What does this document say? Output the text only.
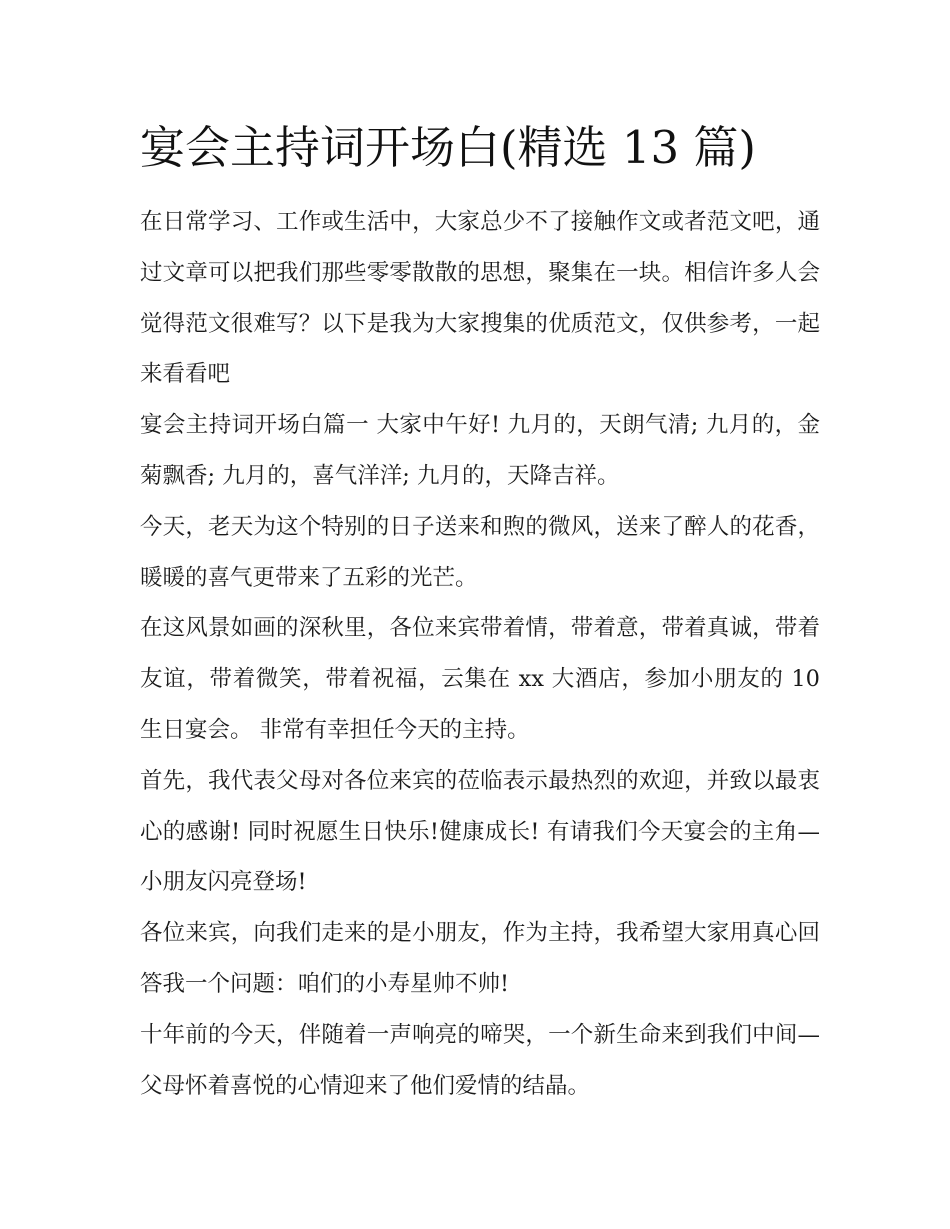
宴会主持词开场白(精选 13 篇)

在日常学习、工作或生活中，大家总少不了接触作文或者范文吧，通过文章可以把我们那些零零散散的思想，聚集在一块。相信许多人会觉得范文很难写？以下是我为大家搜集的优质范文，仅供参考，一起来看看吧

宴会主持词开场白篇一 大家中午好! 九月的，天朗气清; 九月的，金菊飘香; 九月的，喜气洋洋; 九月的，天降吉祥。

今天，老天为这个特别的日子送来和煦的微风，送来了醉人的花香，暖暖的喜气更带来了五彩的光芒。

在这风景如画的深秋里，各位来宾带着情，带着意，带着真诚，带着友谊，带着微笑，带着祝福，云集在 xx 大酒店，参加小朋友的 10 生日宴会。 非常有幸担任今天的主持。

首先，我代表父母对各位来宾的莅临表示最热烈的欢迎，并致以最衷心的感谢! 同时祝愿生日快乐!健康成长! 有请我们今天宴会的主角—小朋友闪亮登场!

各位来宾，向我们走来的是小朋友，作为主持，我希望大家用真心回答我一个问题：咱们的小寿星帅不帅!

十年前的今天，伴随着一声响亮的啼哭，一个新生命来到我们中间—父母怀着喜悦的心情迎来了他们爱情的结晶。
